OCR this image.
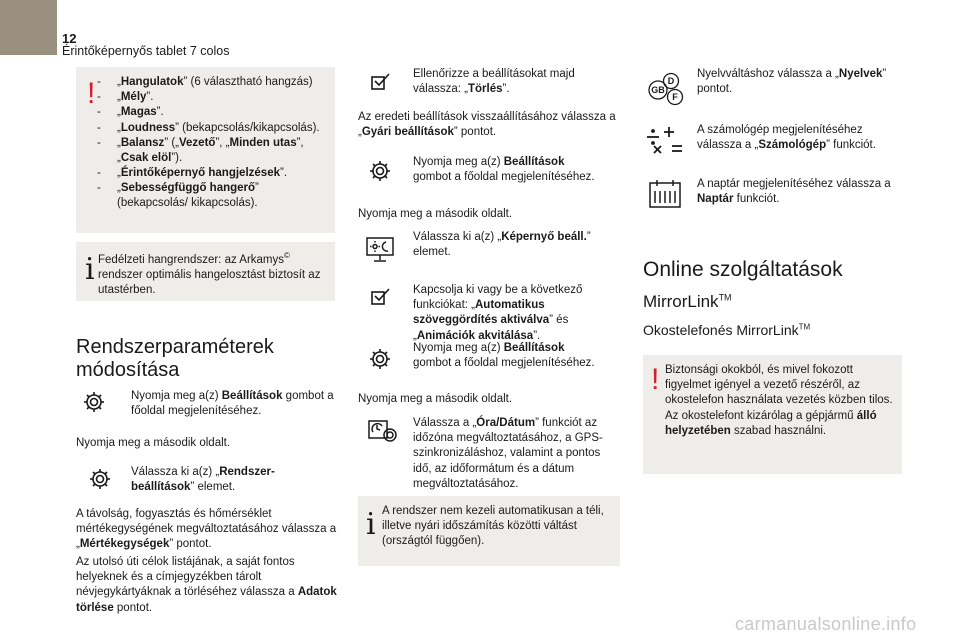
12
Érintőképernyős tablet 7 colos
!
-	„Hangulatok” (6 választható hangzás)
- „Mély”.
- „Magas”.
- „Loudness” (bekapcsolás/kikapcsolás).
- „Balansz” („Vezető”, „Minden utas”, „Csak elöl”).
- „Érintőképernyő hangjelzések”.
- „Sebességfüggő hangerő” (bekapcsolás/ kikapcsolás).
i Fedélzeti hangrendszer: az Arkamys© rendszer optimális hangelosztást biztosít az utastérben.

Rendszerparaméterek
módosítása

Nyomja meg a(z) Beállítások gombot a főoldal megjelenítéséhez.

Nyomja meg a második oldalt.

Válassza ki a(z) „Rendszer-beállítások” elemet.

A távolság, fogyasztás és hőmérséklet mértékegységének megváltoztatásához válassza a „Mértékegységek” pontot.

Az utolsó úti célok listájának, a saját fontos helyeknek és a címjegyzékben tárolt névjegykártyáknak a törléséhez válassza a Adatok törlése pontot.

Ellenőrizze a beállításokat majd válassza: „Törlés”.

Az eredeti beállítások visszaállításához válassza a „Gyári beállítások” pontot.

Nyomja meg a(z) Beállítások gombot a főoldal megjelenítéséhez.

Nyomja meg a második oldalt.

Válassza ki a(z) „Képernyő beáll.” elemet.

Kapcsolja ki vagy be a következő funkciókat: „Automatikus szöveggördítés aktiválva” és „Animációk akvitálása”.

Nyomja meg a(z) Beállítások gombot a főoldal megjelenítéséhez.

Nyomja meg a második oldalt.

Válassza a „Óra/Dátum” funkciót az időzóna megváltoztatásához, a GPS-szinkronizáláshoz, valamint a pontos idő, az időformátum és a dátum megváltoztatásához.

i A rendszer nem kezeli automatikusan a téli, illetve nyári időszámítás közötti váltást (országtól függően).

D
GB
F

Nyelvváltáshoz válassza a „Nyelvek” pontot.

A számológép megjelenítéséhez válassza a „Számológép” funkciót.

A naptár megjelenítéséhez válassza a Naptár funkciót.

Online szolgáltatások
MirrorLink™
Okostelefonés MirrorLink™
! Biztonsági okokból, és mivel fokozott figyelmet igényel a vezető részéről, az okostelefon használata vezetés közben tilos.

Az okostelefont kizárólag a gépjármű álló helyzetében szabad használni.

carmanualsonline.info
